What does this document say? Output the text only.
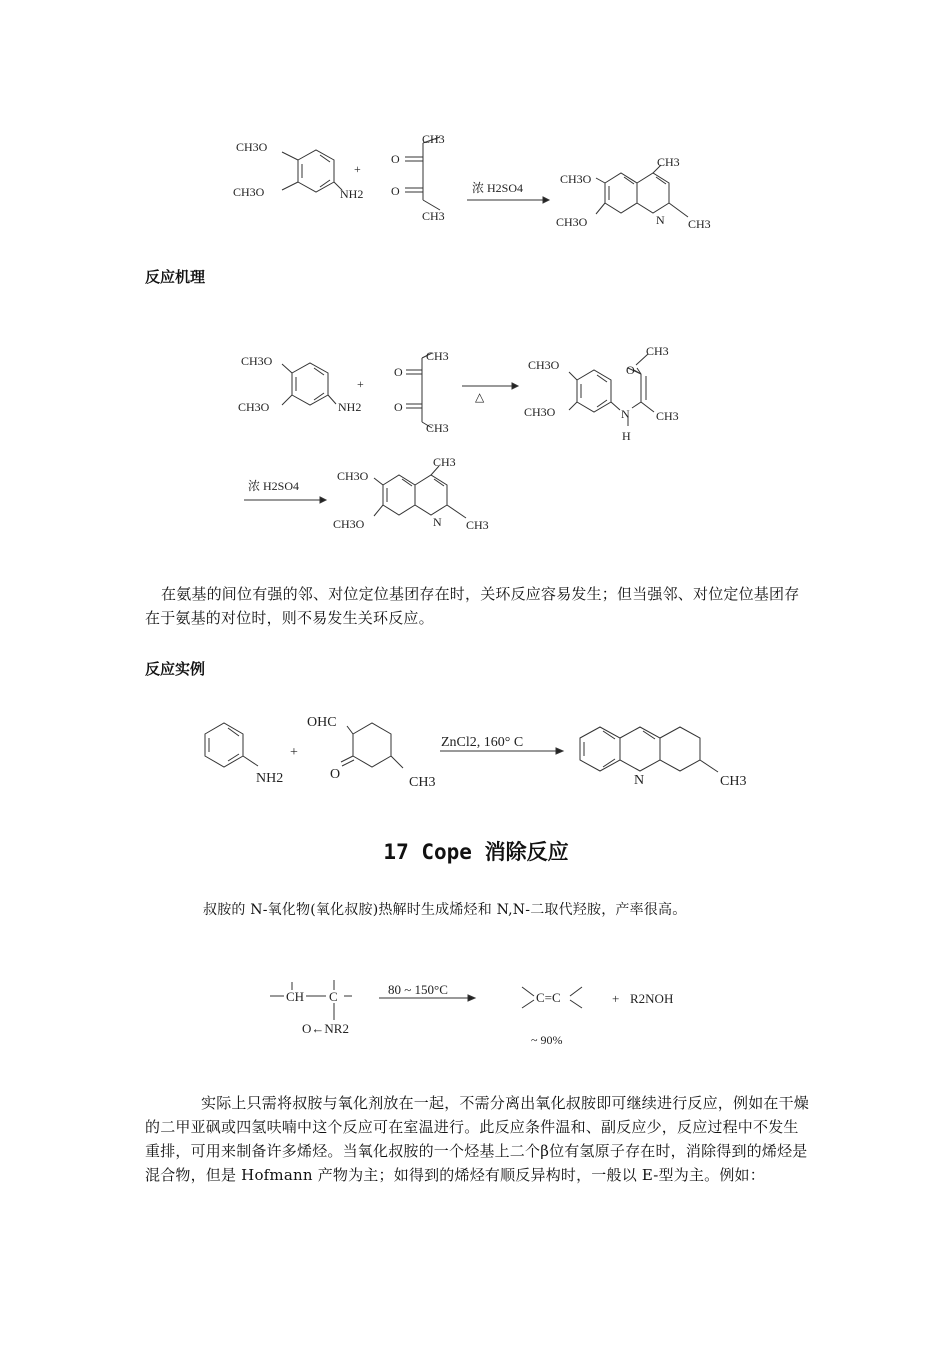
CH3O
CH3O	NH2
+
CH3
CH3
O
O	浓 H2SO4
CH3O
CH3O
CH3
CH3
N
反应机理
CH3O
CH3O	NH2
+
CH3
CH3
O
O
△
CH3O
CH3O
CH3
CH3
N
H
O
浓 H2SO4
CH3O
CH3O
CH3
CH3
N
在氨基的间位有强的邻、对位定位基团存在时，关环反应容易发生；但当强邻、对位定位基团存在于氨基的对位时，则不易发生关环反应。
反应实例
NH2
+
OHC
O
CH3
ZnCl2, 160° C
N	CH3
17 Cope 消除反应
叔胺的 N-氧化物(氧化叔胺)热解时生成烯烃和 N,N-二取代羟胺，产率很高。
CH C
O←NR2
80 ~ 150°C
C=C	+ R2NOH
~ 90%
实际上只需将叔胺与氧化剂放在一起，不需分离出氧化叔胺即可继续进行反应，例如在干燥的二甲亚砜或四氢呋喃中这个反应可在室温进行。此反应条件温和、副反应少，反应过程中不发生重排，可用来制备许多烯烃。当氧化叔胺的一个烃基上二个β位有氢原子存在时，消除得到的烯烃是混合物，但是 Hofmann 产物为主；如得到的烯烃有顺反异构时，一般以 E-型为主。例如：
